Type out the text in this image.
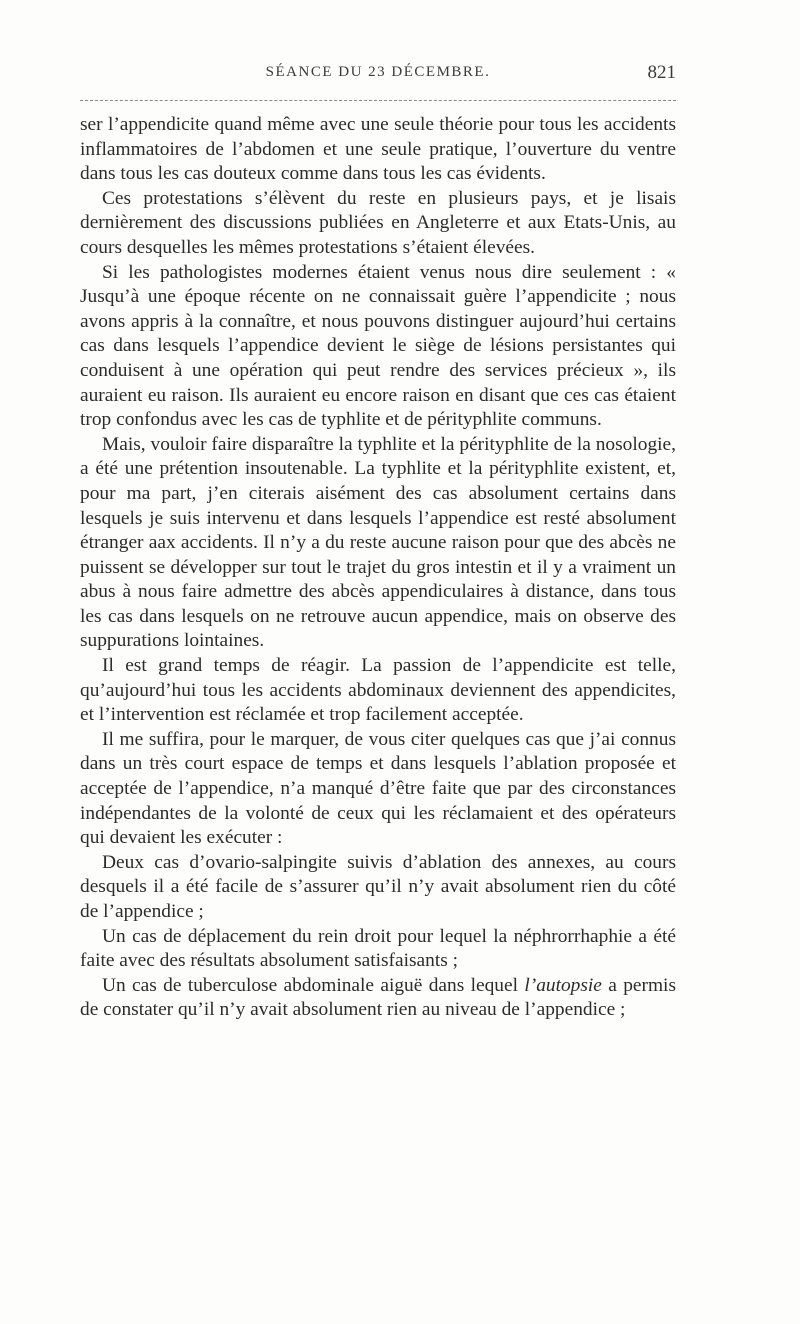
SÉANCE DU 23 DÉCEMBRE.	821

ser l’appendicite quand même avec une seule théorie pour tous les accidents inflammatoires de l’abdomen et une seule pratique, l’ouverture du ventre dans tous les cas douteux comme dans tous les cas évidents.

Ces protestations s’élèvent du reste en plusieurs pays, et je lisais dernièrement des discussions publiées en Angleterre et aux Etats-Unis, au cours desquelles les mêmes protestations s’étaient élevées.

Si les pathologistes modernes étaient venus nous dire seulement : « Jusqu’à une époque récente on ne connaissait guère l’appendicite ; nous avons appris à la connaître, et nous pouvons distinguer aujourd’hui certains cas dans lesquels l’appendice devient le siège de lésions persistantes qui conduisent à une opération qui peut rendre des services précieux », ils auraient eu raison. Ils auraient eu encore raison en disant que ces cas étaient trop confondus avec les cas de typhlite et de pérityphlite communs.

Mais, vouloir faire disparaître la typhlite et la pérityphlite de la nosologie, a été une prétention insoutenable. La typhlite et la pérityphlite existent, et, pour ma part, j’en citerais aisément des cas absolument certains dans lesquels je suis intervenu et dans lesquels l’appendice est resté absolument étranger aax accidents. Il n’y a du reste aucune raison pour que des abcès ne puissent se développer sur tout le trajet du gros intestin et il y a vraiment un abus à nous faire admettre des abcès appendiculaires à distance, dans tous les cas dans lesquels on ne retrouve aucun appendice, mais on observe des suppurations lointaines.

Il est grand temps de réagir. La passion de l’appendicite est telle, qu’aujourd’hui tous les accidents abdominaux deviennent des appendicites, et l’intervention est réclamée et trop facilement acceptée.

Il me suffira, pour le marquer, de vous citer quelques cas que j’ai connus dans un très court espace de temps et dans lesquels l’ablation proposée et acceptée de l’appendice, n’a manqué d’être faite que par des circonstances indépendantes de la volonté de ceux qui les réclamaient et des opérateurs qui devaient les exécuter :

Deux cas d’ovario-salpingite suivis d’ablation des annexes, au cours desquels il a été facile de s’assurer qu’il n’y avait absolument rien du côté de l’appendice ;

Un cas de déplacement du rein droit pour lequel la néphrorrhaphie a été faite avec des résultats absolument satisfaisants ;

Un cas de tuberculose abdominale aiguë dans lequel l’autopsie a permis de constater qu’il n’y avait absolument rien au niveau de l’appendice ;
